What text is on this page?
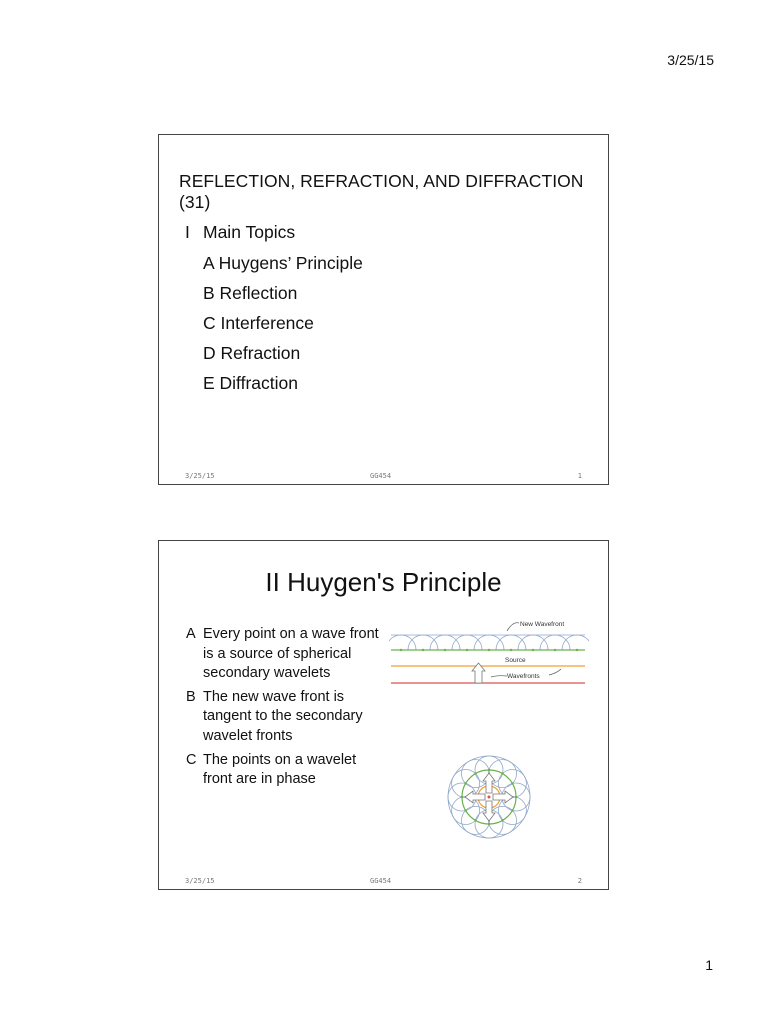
3/25/15
REFLECTION, REFRACTION, AND DIFFRACTION (31)
I Main Topics
A Huygens’ Principle
B Reflection
C Interference
D Refraction
E Diffraction
3/25/15	GG454	1
II Huygen's Principle
A Every point on a wave front is a source of spherical secondary wavelets
B The new wave front is tangent to the secondary wavelet fronts
C The points on a wavelet front are in phase
New Wavefront
Source
Wavefronts
3/25/15	GG454	2
1
